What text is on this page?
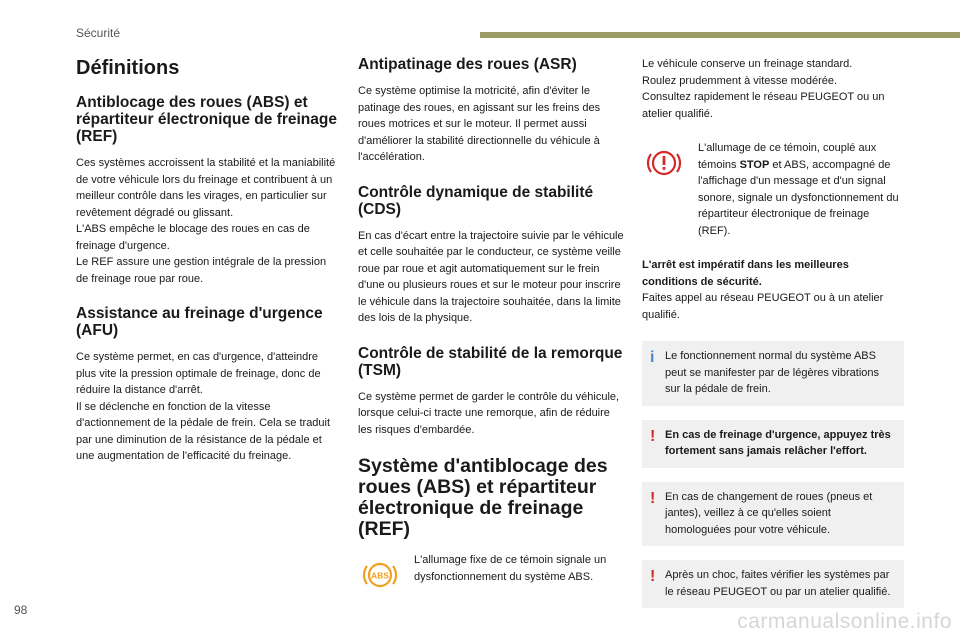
Sécurité
Définitions
Antiblocage des roues (ABS) et répartiteur électronique de freinage (REF)

Ces systèmes accroissent la stabilité et la maniabilité de votre véhicule lors du freinage et contribuent à un meilleur contrôle dans les virages, en particulier sur revêtement dégradé ou glissant.

L'ABS empêche le blocage des roues en cas de freinage d'urgence.

Le REF assure une gestion intégrale de la pression de freinage roue par roue.

Assistance au freinage d'urgence (AFU)

Ce système permet, en cas d'urgence, d'atteindre plus vite la pression optimale de freinage, donc de réduire la distance d'arrêt.

Il se déclenche en fonction de la vitesse d'actionnement de la pédale de frein. Cela se traduit par une diminution de la résistance de la pédale et une augmentation de l'efficacité du freinage.

Antipatinage des roues (ASR)

Ce système optimise la motricité, afin d'éviter le patinage des roues, en agissant sur les freins des roues motrices et sur le moteur. Il permet aussi d'améliorer la stabilité directionnelle du véhicule à l'accélération.

Contrôle dynamique de stabilité (CDS)

En cas d'écart entre la trajectoire suivie par le véhicule et celle souhaitée par le conducteur, ce système veille roue par roue et agit automatiquement sur le frein d'une ou plusieurs roues et sur le moteur pour inscrire le véhicule dans la trajectoire souhaitée, dans la limite des lois de la physique.

Contrôle de stabilité de la remorque (TSM)

Ce système permet de garder le contrôle du véhicule, lorsque celui-ci tracte une remorque, afin de réduire les risques d'embardée.

Système d'antiblocage des roues (ABS) et répartiteur électronique de freinage (REF)
ABS

L'allumage fixe de ce témoin signale un dysfonctionnement du système ABS.

Le véhicule conserve un freinage standard.

Roulez prudemment à vitesse modérée.

Consultez rapidement le réseau PEUGEOT ou un atelier qualifié.

L'allumage de ce témoin, couplé aux témoins STOP et ABS, accompagné de l'affichage d'un message et d'un signal sonore, signale un dysfonctionnement du répartiteur électronique de freinage (REF).

L'arrêt est impératif dans les meilleures conditions de sécurité.

Faites appel au réseau PEUGEOT ou à un atelier qualifié.

i Le fonctionnement normal du système ABS peut se manifester par de légères vibrations sur la pédale de frein.

! En cas de freinage d'urgence, appuyez très fortement sans jamais relâcher l'effort.

! En cas de changement de roues (pneus et jantes), veillez à ce qu'elles soient homologuées pour votre véhicule.

! Après un choc, faites vérifier les systèmes par le réseau PEUGEOT ou par un atelier qualifié.

98	carmanualsonline.info
